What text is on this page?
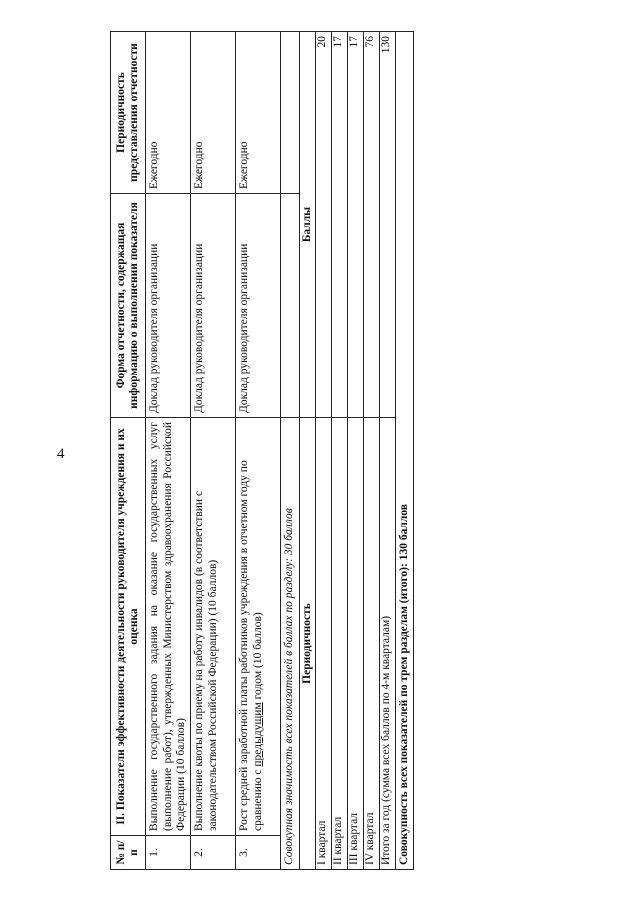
4
№ п/п	II. Показатели эффективности деятельности руководителя учреждения и их оценка	Форма отчетности, содержащая информацию о выполнении показателя	Периодичность представления отчетности
1.	Выполнение государственного задания на оказание государственных услуг (выполнение работ), утвержденных Министерством здравоохранения Российской Федерации (10 баллов)	Доклад руководителя организации	Ежегодно
2.	Выполнение квоты по приему на работу инвалидов (в соответствии с законодательством Российской Федерации) (10 баллов)	Доклад руководителя организации	Ежегодно
3.	Рост средней заработной платы работников учреждения в отчетном году по сравнению с предыдущим годом (10 баллов)	Доклад руководителя организации	Ежегодно
Совокупная значимость всех показателей в баллах по разделу: 30 баллов			
Периодичность		Баллы	
I квартал		20	
II квартал		17	
III квартал		17	
IV квартал		76	
Итого за год (сумма всех баллов по 4-м кварталам)		130	
Совокупность всех показателей по трем разделам (итого): 130 баллов			
